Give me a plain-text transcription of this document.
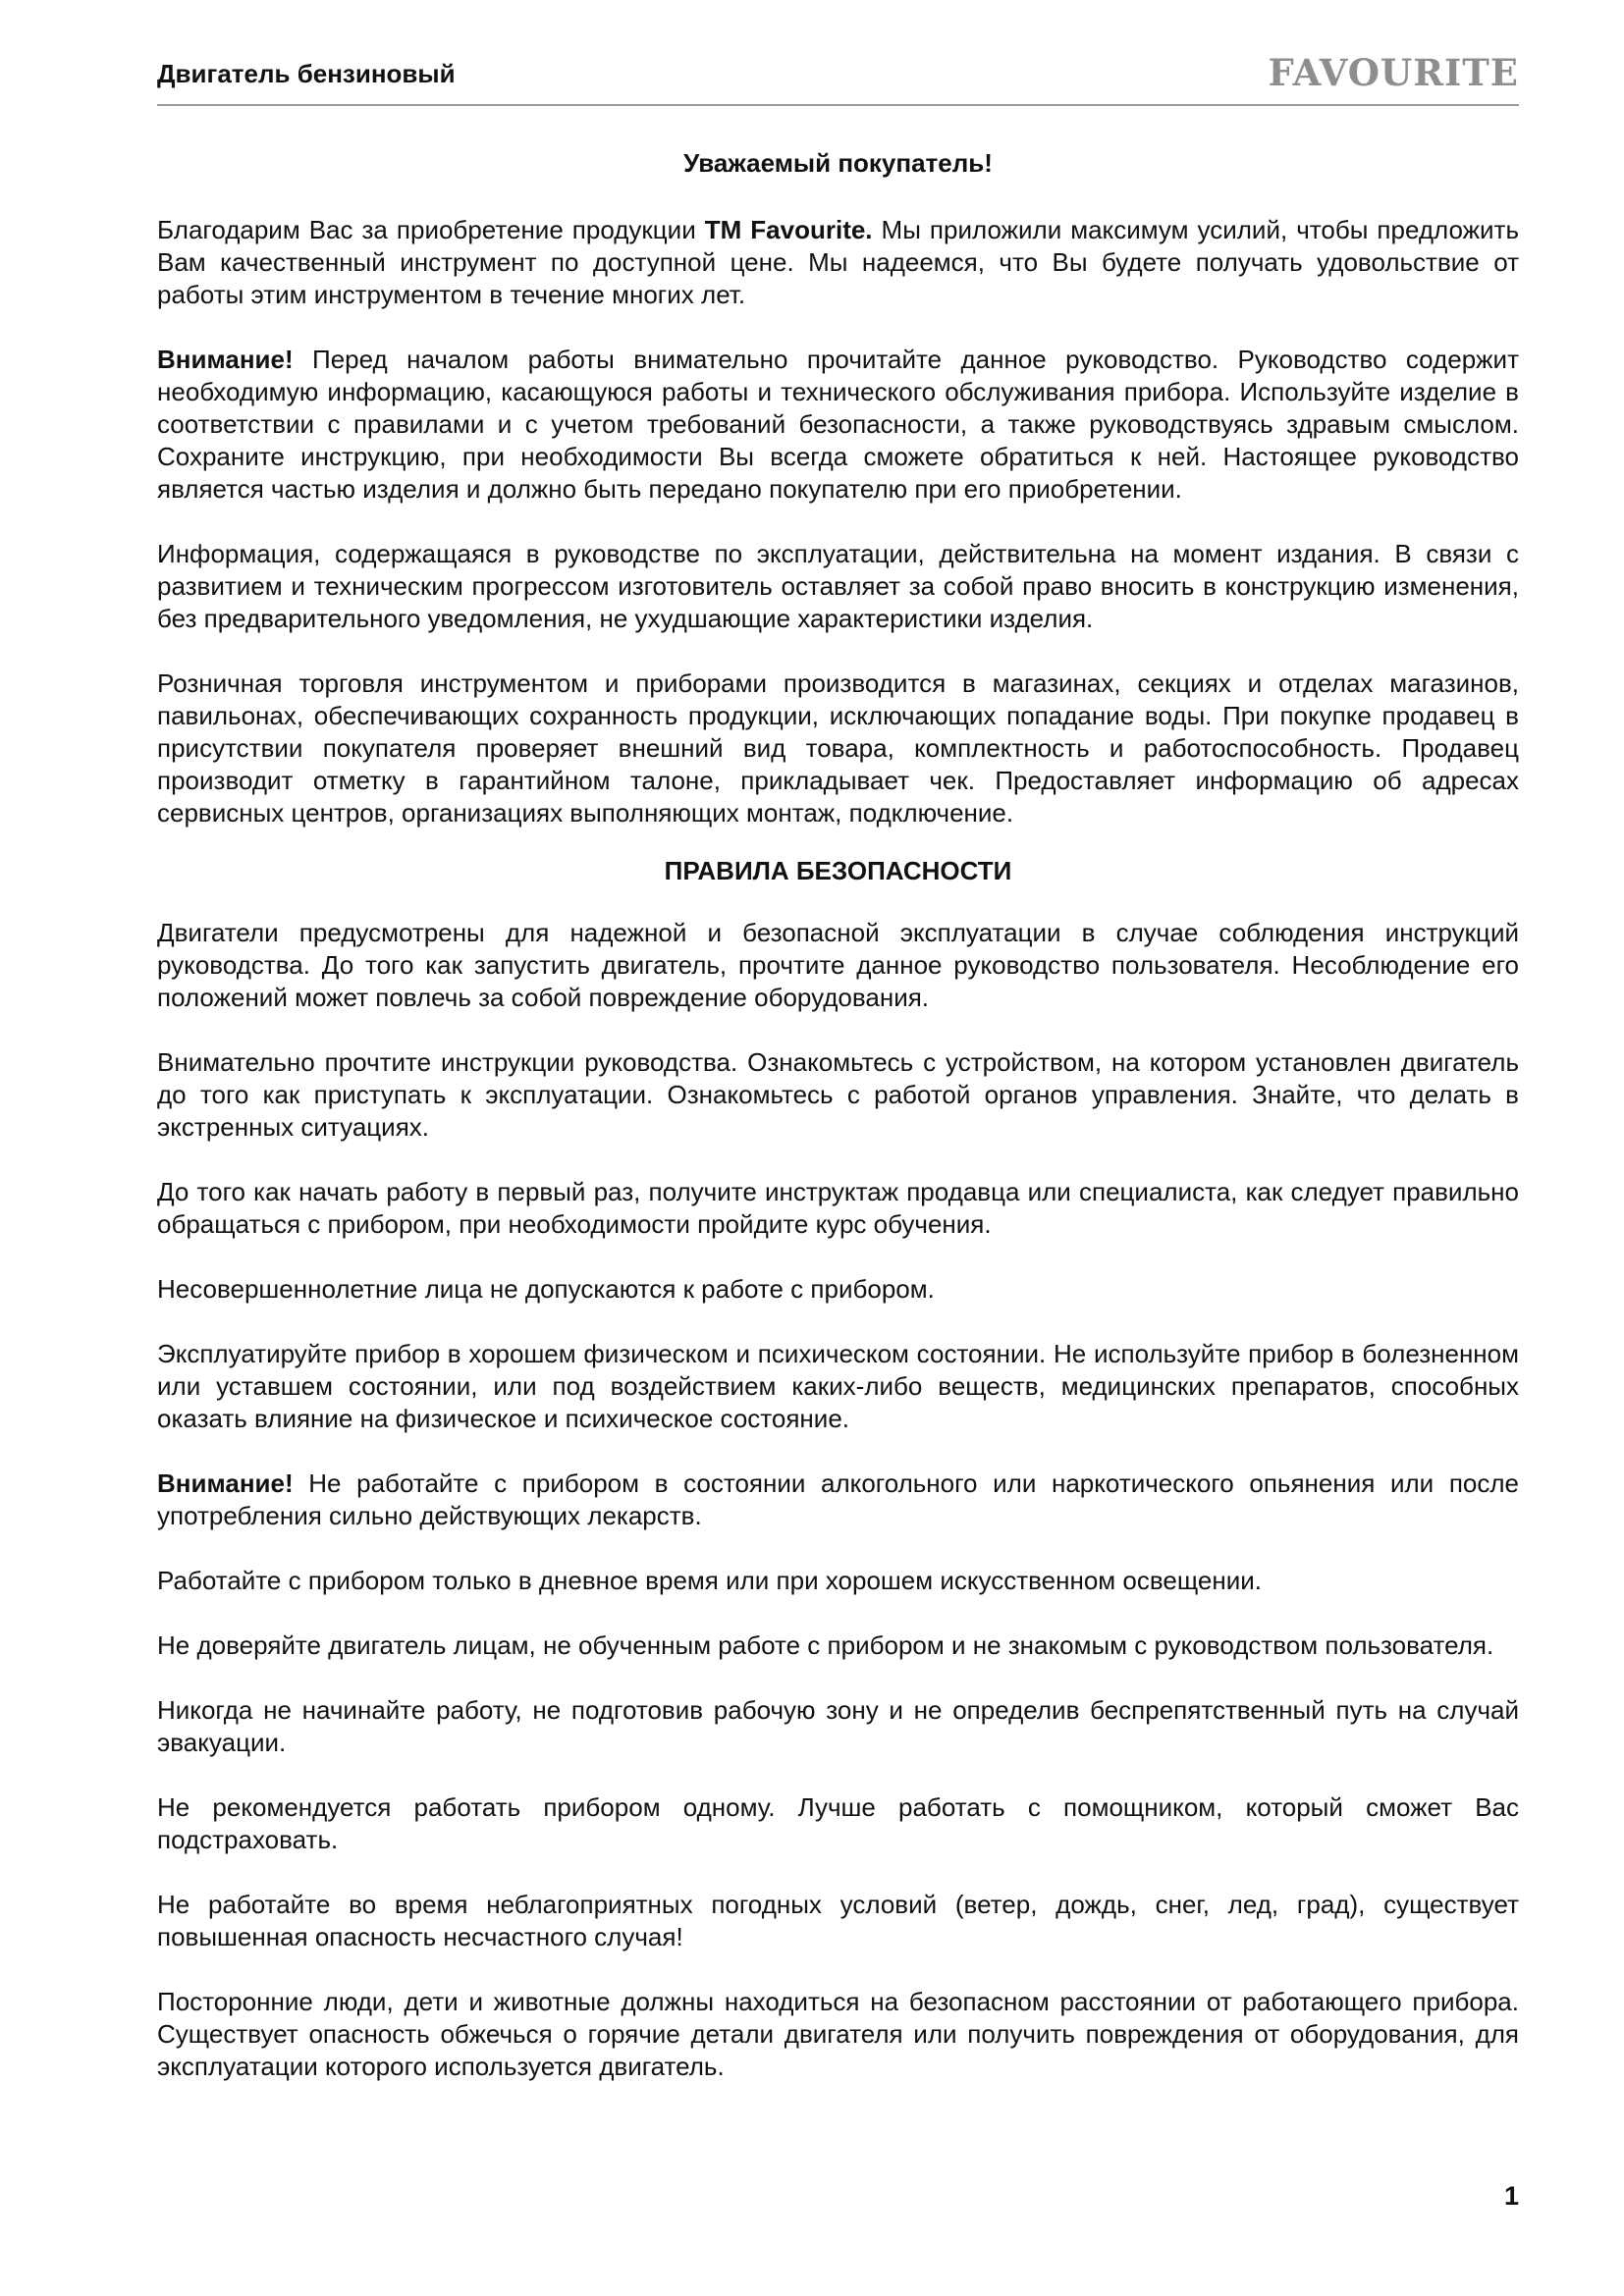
Двигатель бензиновый	FAVOURITE
Уважаемый покупатель!

Благодарим Вас за приобретение продукции TM Favourite. Мы приложили максимум усилий, чтобы предложить Вам качественный инструмент по доступной цене. Мы надеемся, что Вы будете получать удовольствие от работы этим инструментом в течение многих лет.

Внимание! Перед началом работы внимательно прочитайте данное руководство. Руководство содержит необходимую информацию, касающуюся работы и технического обслуживания прибора. Используйте изделие в соответствии с правилами и с учетом требований безопасности, а также руководствуясь здравым смыслом. Сохраните инструкцию, при необходимости Вы всегда сможете обратиться к ней. Настоящее руководство является частью изделия и должно быть передано покупателю при его приобретении.

Информация, содержащаяся в руководстве по эксплуатации, действительна на момент издания. В связи с развитием и техническим прогрессом изготовитель оставляет за собой право вносить в конструкцию изменения, без предварительного уведомления, не ухудшающие характеристики изделия.

Розничная торговля инструментом и приборами производится в магазинах, секциях и отделах магазинов, павильонах, обеспечивающих сохранность продукции, исключающих попадание воды. При покупке продавец в присутствии покупателя проверяет внешний вид товара, комплектность и работоспособность. Продавец производит отметку в гарантийном талоне, прикладывает чек. Предоставляет информацию об адресах сервисных центров, организациях выполняющих монтаж, подключение.

ПРАВИЛА БЕЗОПАСНОСТИ

Двигатели предусмотрены для надежной и безопасной эксплуатации в случае соблюдения инструкций руководства. До того как запустить двигатель, прочтите данное руководство пользователя. Несоблюдение его положений может повлечь за собой повреждение оборудования.

Внимательно прочтите инструкции руководства. Ознакомьтесь с устройством, на котором установлен двигатель до того как приступать к эксплуатации. Ознакомьтесь с работой органов управления. Знайте, что делать в экстренных ситуациях.

До того как начать работу в первый раз, получите инструктаж продавца или специалиста, как следует правильно обращаться с прибором, при необходимости пройдите курс обучения.

Несовершеннолетние лица не допускаются к работе с прибором.

Эксплуатируйте прибор в хорошем физическом и психическом состоянии. Не используйте прибор в болезненном или уставшем состоянии, или под воздействием каких-либо веществ, медицинских препаратов, способных оказать влияние на физическое и психическое состояние.

Внимание! Не работайте с прибором в состоянии алкогольного или наркотического опьянения или после употребления сильно действующих лекарств.

Работайте с прибором только в дневное время или при хорошем искусственном освещении.

Не доверяйте двигатель лицам, не обученным работе с прибором и не знакомым с руководством пользователя.

Никогда не начинайте работу, не подготовив рабочую зону и не определив беспрепятственный путь на случай эвакуации.

Не рекомендуется работать прибором одному. Лучше работать с помощником, который сможет Вас подстраховать.

Не работайте во время неблагоприятных погодных условий (ветер, дождь, снег, лед, град), существует повышенная опасность несчастного случая!

Посторонние люди, дети и животные должны находиться на безопасном расстоянии от работающего прибора. Существует опасность обжечься о горячие детали двигателя или получить повреждения от оборудования, для эксплуатации которого используется двигатель.

1
